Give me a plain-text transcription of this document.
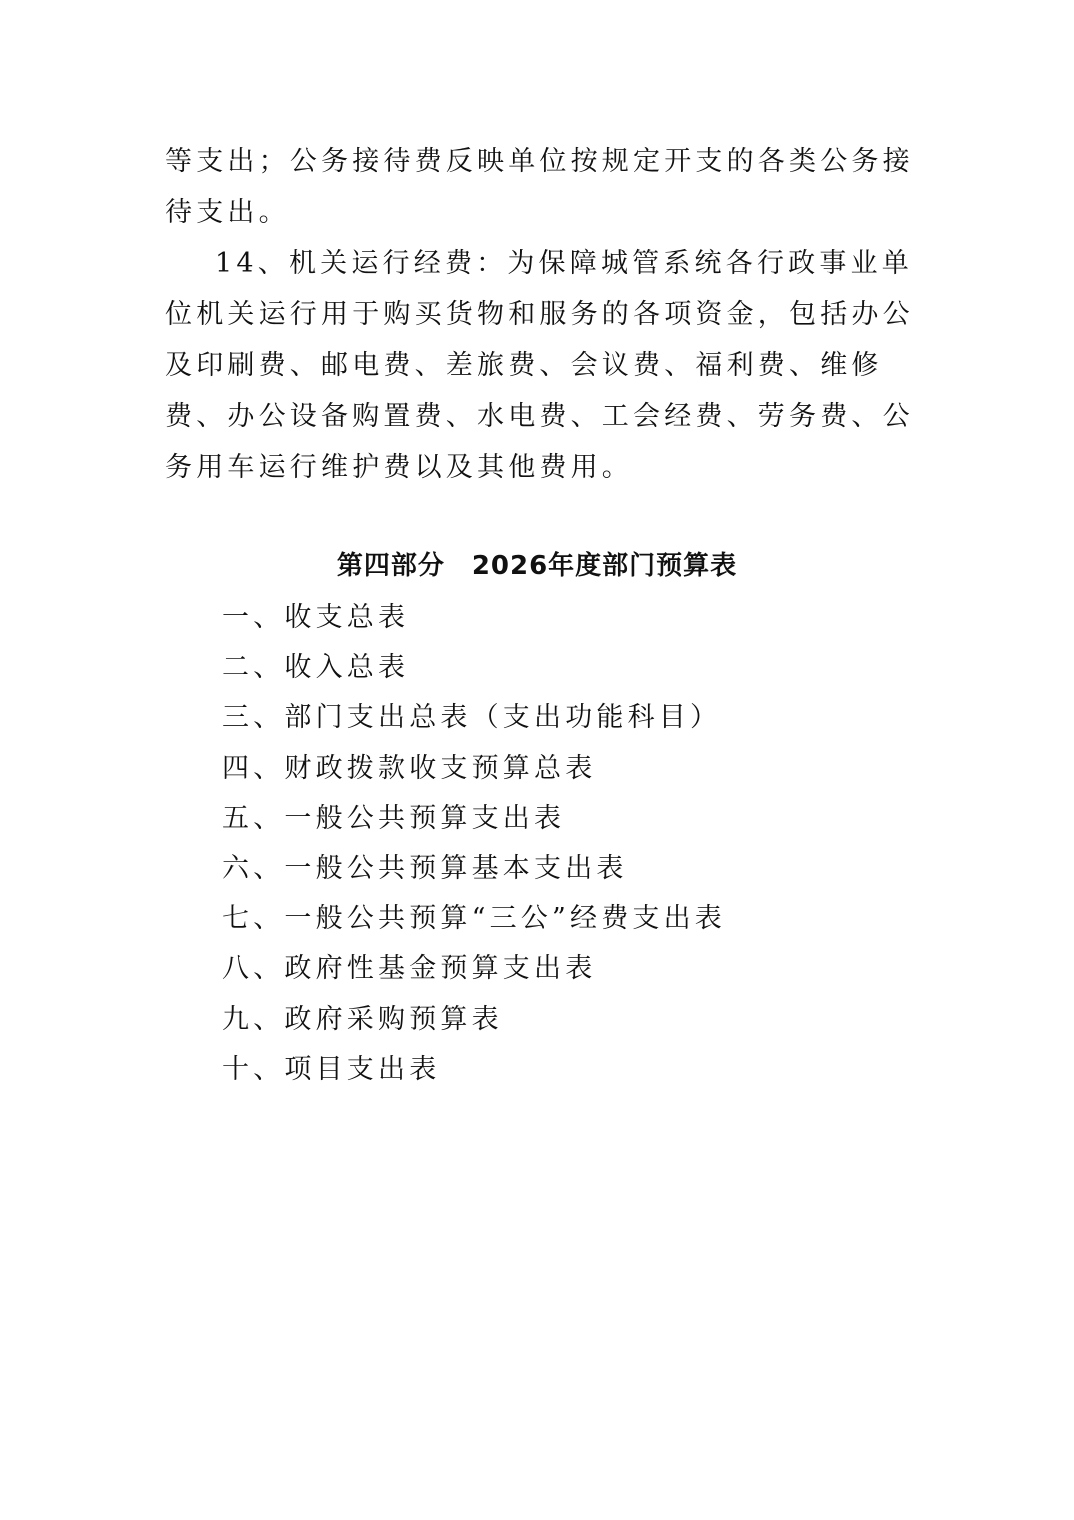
等支出；公务接待费反映单位按规定开支的各类公务接待支出。

14、机关运行经费：为保障城管系统各行政事业单位机关运行用于购买货物和服务的各项资金，包括办公及印刷费、邮电费、差旅费、会议费、福利费、维修费、办公设备购置费、水电费、工会经费、劳务费、公务用车运行维护费以及其他费用。

第四部分　2026年度部门预算表
一、收支总表
二、收入总表
三、部门支出总表（支出功能科目）
四、财政拨款收支预算总表
五、一般公共预算支出表
六、一般公共预算基本支出表
七、一般公共预算“三公”经费支出表
八、政府性基金预算支出表
九、政府采购预算表
十、项目支出表
